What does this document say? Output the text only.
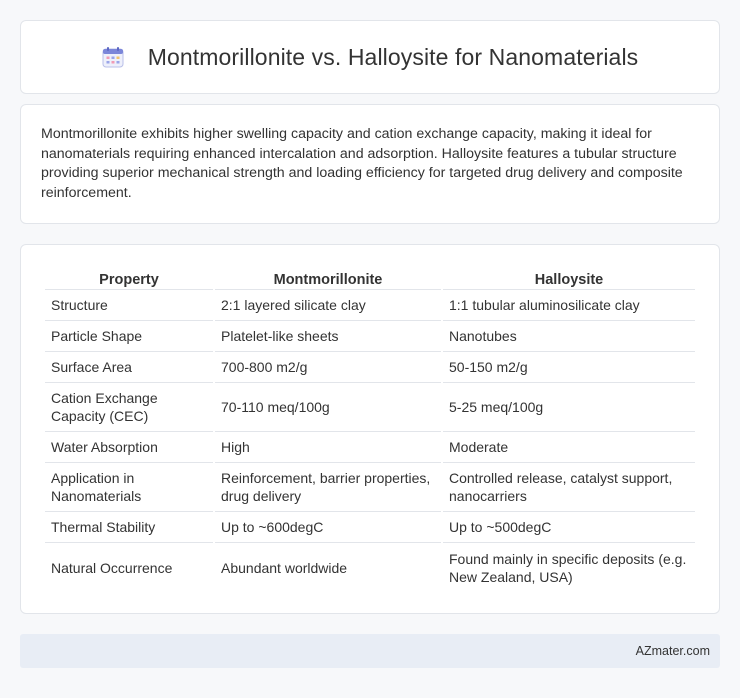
Montmorillonite vs. Halloysite for Nanomaterials

Montmorillonite exhibits higher swelling capacity and cation exchange capacity, making it ideal for nanomaterials requiring enhanced intercalation and adsorption. Halloysite features a tubular structure providing superior mechanical strength and loading efficiency for targeted drug delivery and composite reinforcement.

Property	Montmorillonite	Halloysite
Structure	2:1 layered silicate clay	1:1 tubular aluminosilicate clay
Particle Shape	Platelet-like sheets	Nanotubes
Surface Area	700-800 m2/g	50-150 m2/g
Cation Exchange Capacity (CEC)	70-110 meq/100g	5-25 meq/100g
Water Absorption	High	Moderate
Application in Nanomaterials	Reinforcement, barrier properties, drug delivery	Controlled release, catalyst support, nanocarriers
Thermal Stability	Up to ~600degC	Up to ~500degC
Natural Occurrence	Abundant worldwide	Found mainly in specific deposits (e.g. New Zealand, USA)
AZmater.com
